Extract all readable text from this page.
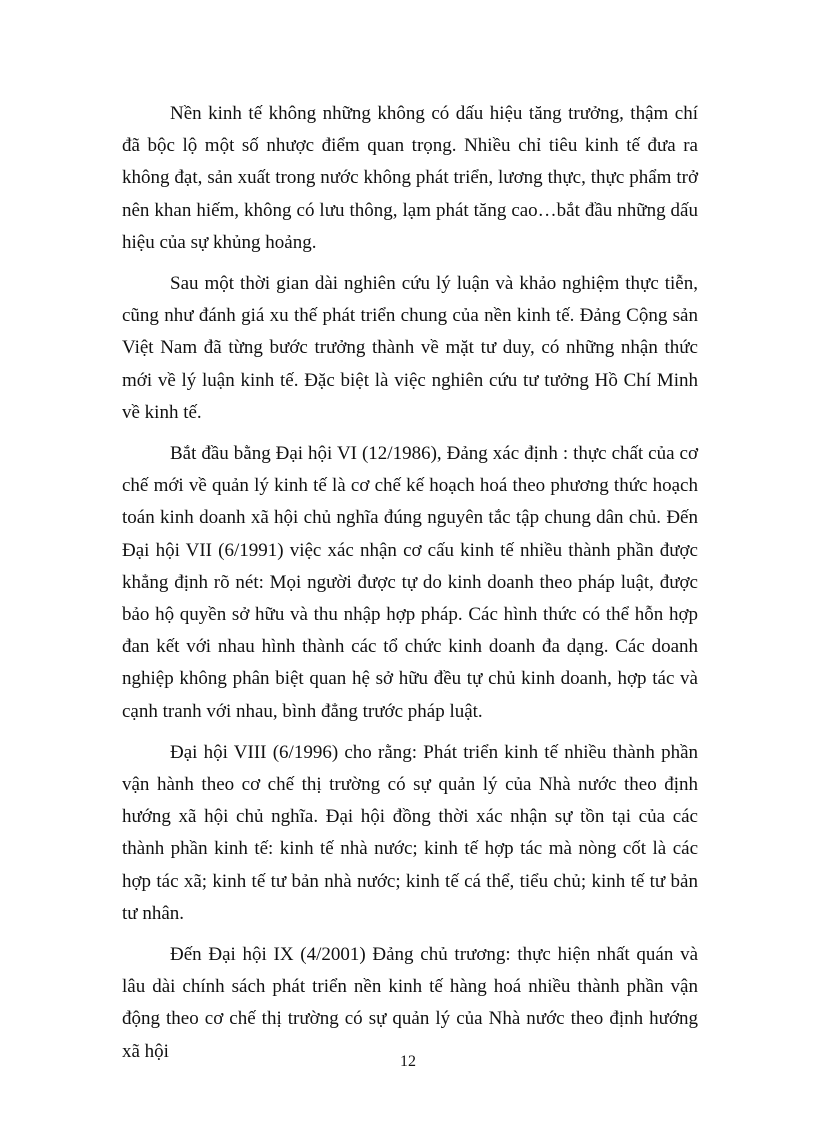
Nền kinh tế không những không có dấu hiệu tăng trưởng, thậm chí đã bộc lộ một số nhược điểm quan trọng. Nhiều chỉ tiêu kinh tế đưa ra không đạt, sản xuất trong nước không phát triển, lương thực, thực phẩm trở nên khan hiếm, không có lưu thông, lạm phát tăng cao…bắt đầu những dấu hiệu của sự khủng hoảng.

Sau một thời gian dài nghiên cứu lý luận và khảo nghiệm thực tiễn, cũng như đánh giá xu thế phát triển chung của nền kinh tế. Đảng Cộng sản Việt Nam đã từng bước trưởng thành về mặt tư duy, có những nhận thức mới về lý luận kinh tế. Đặc biệt là việc nghiên cứu tư tưởng Hồ Chí Minh về kinh tế.

Bắt đầu bằng Đại hội VI (12/1986), Đảng xác định : thực chất của cơ chế mới về quản lý kinh tế là cơ chế kế hoạch hoá theo phương thức hoạch toán kinh doanh xã hội chủ nghĩa đúng nguyên tắc tập chung dân chủ. Đến Đại hội VII (6/1991) việc xác nhận cơ cấu kinh tế nhiều thành phần được khẳng định rõ nét: Mọi người được tự do kinh doanh theo pháp luật, được bảo hộ quyền sở hữu và thu nhập hợp pháp. Các hình thức có thể hỗn hợp đan kết với nhau hình thành các tổ chức kinh doanh đa dạng. Các doanh nghiệp không phân biệt quan hệ sở hữu đều tự chủ kinh doanh, hợp tác và cạnh tranh với nhau, bình đẳng trước pháp luật.

Đại hội VIII (6/1996) cho rằng: Phát triển kinh tế nhiều thành phần vận hành theo cơ chế thị trường có sự quản lý của Nhà nước theo định hướng xã hội chủ nghĩa. Đại hội đồng thời xác nhận sự tồn tại của các thành phần kinh tế: kinh tế nhà nước; kinh tế hợp tác mà nòng cốt là các hợp tác xã; kinh tế tư bản nhà nước; kinh tế cá thể, tiểu chủ; kinh tế tư bản tư nhân.

Đến Đại hội IX (4/2001) Đảng chủ trương: thực hiện nhất quán và lâu dài chính sách phát triển nền kinh tế hàng hoá nhiều thành phần vận động theo cơ chế thị trường có sự quản lý của Nhà nước theo định hướng xã hội	12
